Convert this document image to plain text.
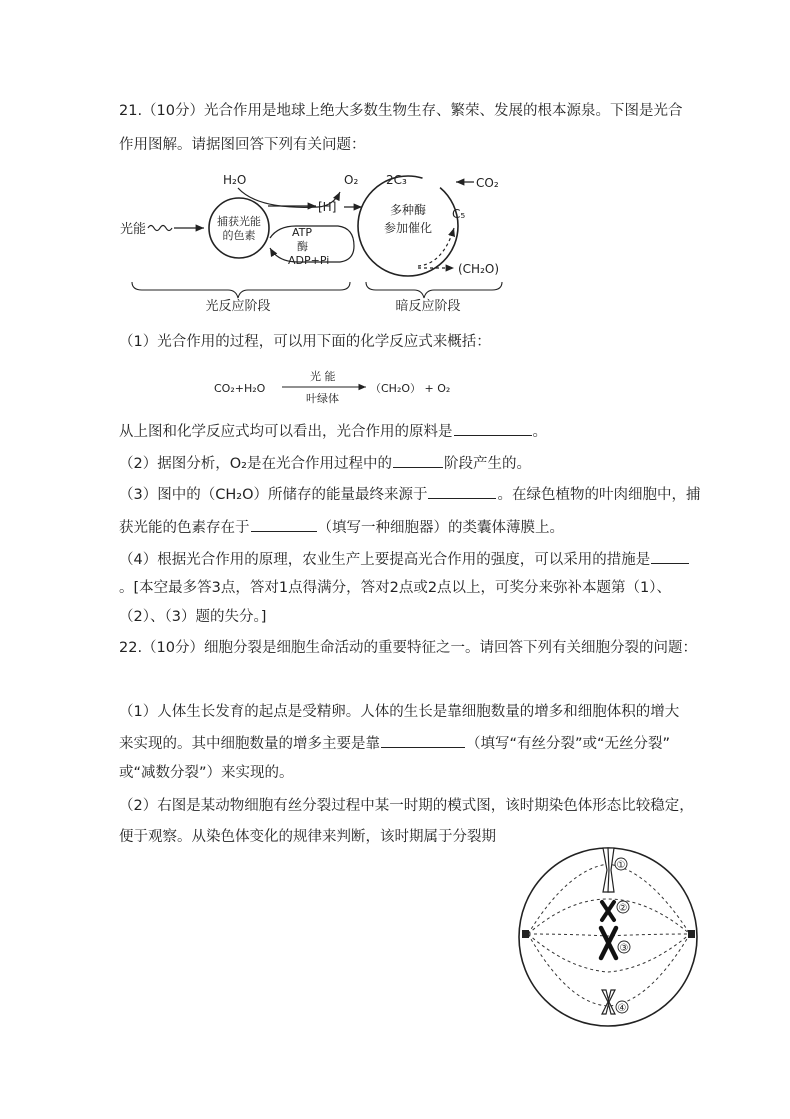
21.（10分）光合作用是地球上绝大多数生物生存、繁荣、发展的根本源泉。下图是光合
作用图解。请据图回答下列有关问题：
H₂O	O₂
[H]
光能
捕获光能
的色素	ATP
酶
ADP+Pi
2C₃	CO₂
C₅
多种酶
参加催化
(CH₂O)
光反应阶段	暗反应阶段
（1）光合作用的过程，可以用下面的化学反应式来概括：
CO₂+H₂O
光 能
叶绿体
（CH₂O） + O₂
从上图和化学反应式均可以看出，光合作用的原料是	。
（2）据图分析，O₂是在光合作用过程中的	阶段产生的。
（3）图中的（CH₂O）所储存的能量最终来源于	。在绿色植物的叶肉细胞中，捕
获光能的色素存在于	（填写一种细胞器）的类囊体薄膜上。
（4）根据光合作用的原理，农业生产上要提高光合作用的强度，可以采用的措施是
。[本空最多答3点，答对1点得满分，答对2点或2点以上，可奖分来弥补本题第（1）、
（2）、（3）题的失分。]
22.（10分）细胞分裂是细胞生命活动的重要特征之一。请回答下列有关细胞分裂的问题：
（1）人体生长发育的起点是受精卵。人体的生长是靠细胞数量的增多和细胞体积的增大
来实现的。其中细胞数量的增多主要是靠	（填写“有丝分裂”或“无丝分裂”
或“减数分裂”）来实现的。
（2）右图是某动物细胞有丝分裂过程中某一时期的模式图，该时期染色体形态比较稳定，
便于观察。从染色体变化的规律来判断，该时期属于分裂期
①
②
③
④
